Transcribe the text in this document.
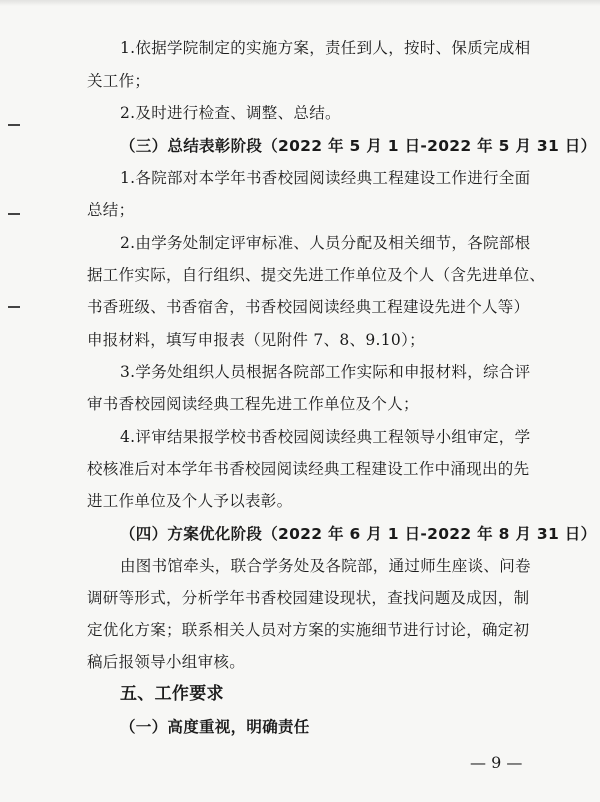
1.依据学院制定的实施方案，责任到人，按时、保质完成相
关工作；
2.及时进行检查、调整、总结。
（三）总结表彰阶段（2022 年 5 月 1 日-2022 年 5 月 31 日）
1.各院部对本学年书香校园阅读经典工程建设工作进行全面
总结；
2.由学务处制定评审标准、人员分配及相关细节，各院部根
据工作实际，自行组织、提交先进工作单位及个人（含先进单位、
书香班级、书香宿舍，书香校园阅读经典工程建设先进个人等）
申报材料，填写申报表（见附件 7、8、9.10）；
3.学务处组织人员根据各院部工作实际和申报材料，综合评
审书香校园阅读经典工程先进工作单位及个人；
4.评审结果报学校书香校园阅读经典工程领导小组审定，学
校核准后对本学年书香校园阅读经典工程建设工作中涌现出的先
进工作单位及个人予以表彰。
（四）方案优化阶段（2022 年 6 月 1 日-2022 年 8 月 31 日）
由图书馆牵头，联合学务处及各院部，通过师生座谈、问卷
调研等形式，分析学年书香校园建设现状，查找问题及成因，制
定优化方案；联系相关人员对方案的实施细节进行讨论，确定初
稿后报领导小组审核。
五、工作要求
（一）高度重视，明确责任
— 9 —
